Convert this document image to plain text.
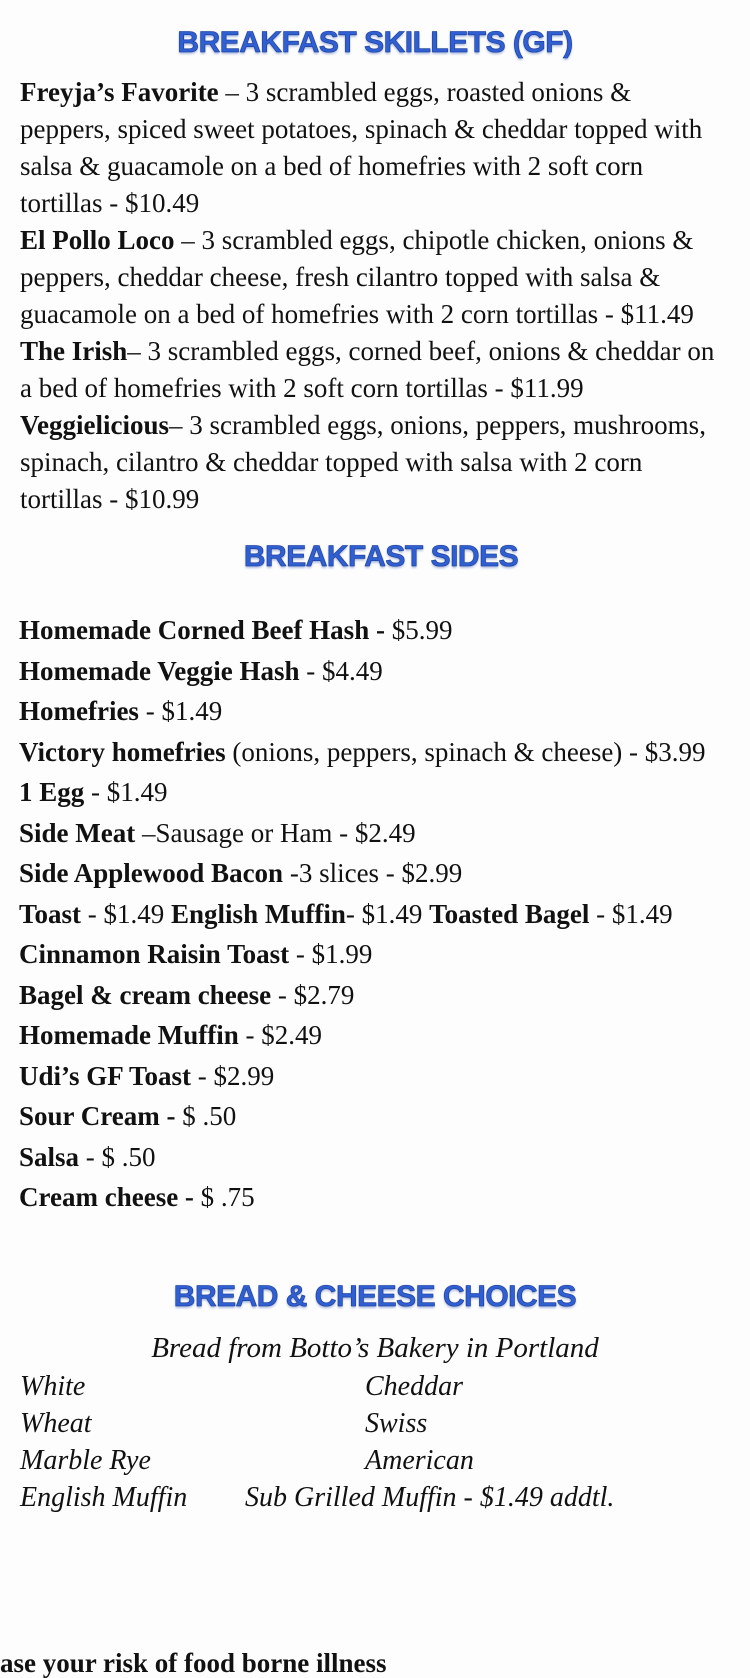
BREAKFAST SKILLETS (GF)

Freyja’s Favorite – 3 scrambled eggs, roasted onions & peppers, spiced sweet potatoes, spinach & cheddar topped with salsa & guacamole on a bed of homefries with 2 soft corn tortillas - $10.49

El Pollo Loco – 3 scrambled eggs, chipotle chicken, onions & peppers, cheddar cheese, fresh cilantro topped with salsa & guacamole on a bed of homefries with 2 corn tortillas - $11.49

The Irish– 3 scrambled eggs, corned beef, onions & cheddar on a bed of homefries with 2 soft corn tortillas - $11.99

Veggielicious– 3 scrambled eggs, onions, peppers, mushrooms, spinach, cilantro & cheddar topped with salsa with 2 corn tortillas - $10.99

BREAKFAST SIDES

Homemade Corned Beef Hash - $5.99

Homemade Veggie Hash - $4.49

Homefries - $1.49

Victory homefries (onions, peppers, spinach & cheese) - $3.99

1 Egg - $1.49

Side Meat –Sausage or Ham - $2.49

Side Applewood Bacon -3 slices - $2.99

Toast - $1.49 English Muffin- $1.49 Toasted Bagel - $1.49 Cinnamon Raisin Toast - $1.99

Bagel & cream cheese - $2.79

Homemade Muffin - $2.49

Udi’s GF Toast - $2.99

Sour Cream - $ .50

Salsa - $ .50

Cream cheese - $ .75

BREAD & CHEESE CHOICES
Bread from Botto’s Bakery in Portland
White	Cheddar
Wheat	Swiss
Marble Rye	American
English Muffin Sub Grilled Muffin - $1.49 addtl.
ase your risk of food borne illness
